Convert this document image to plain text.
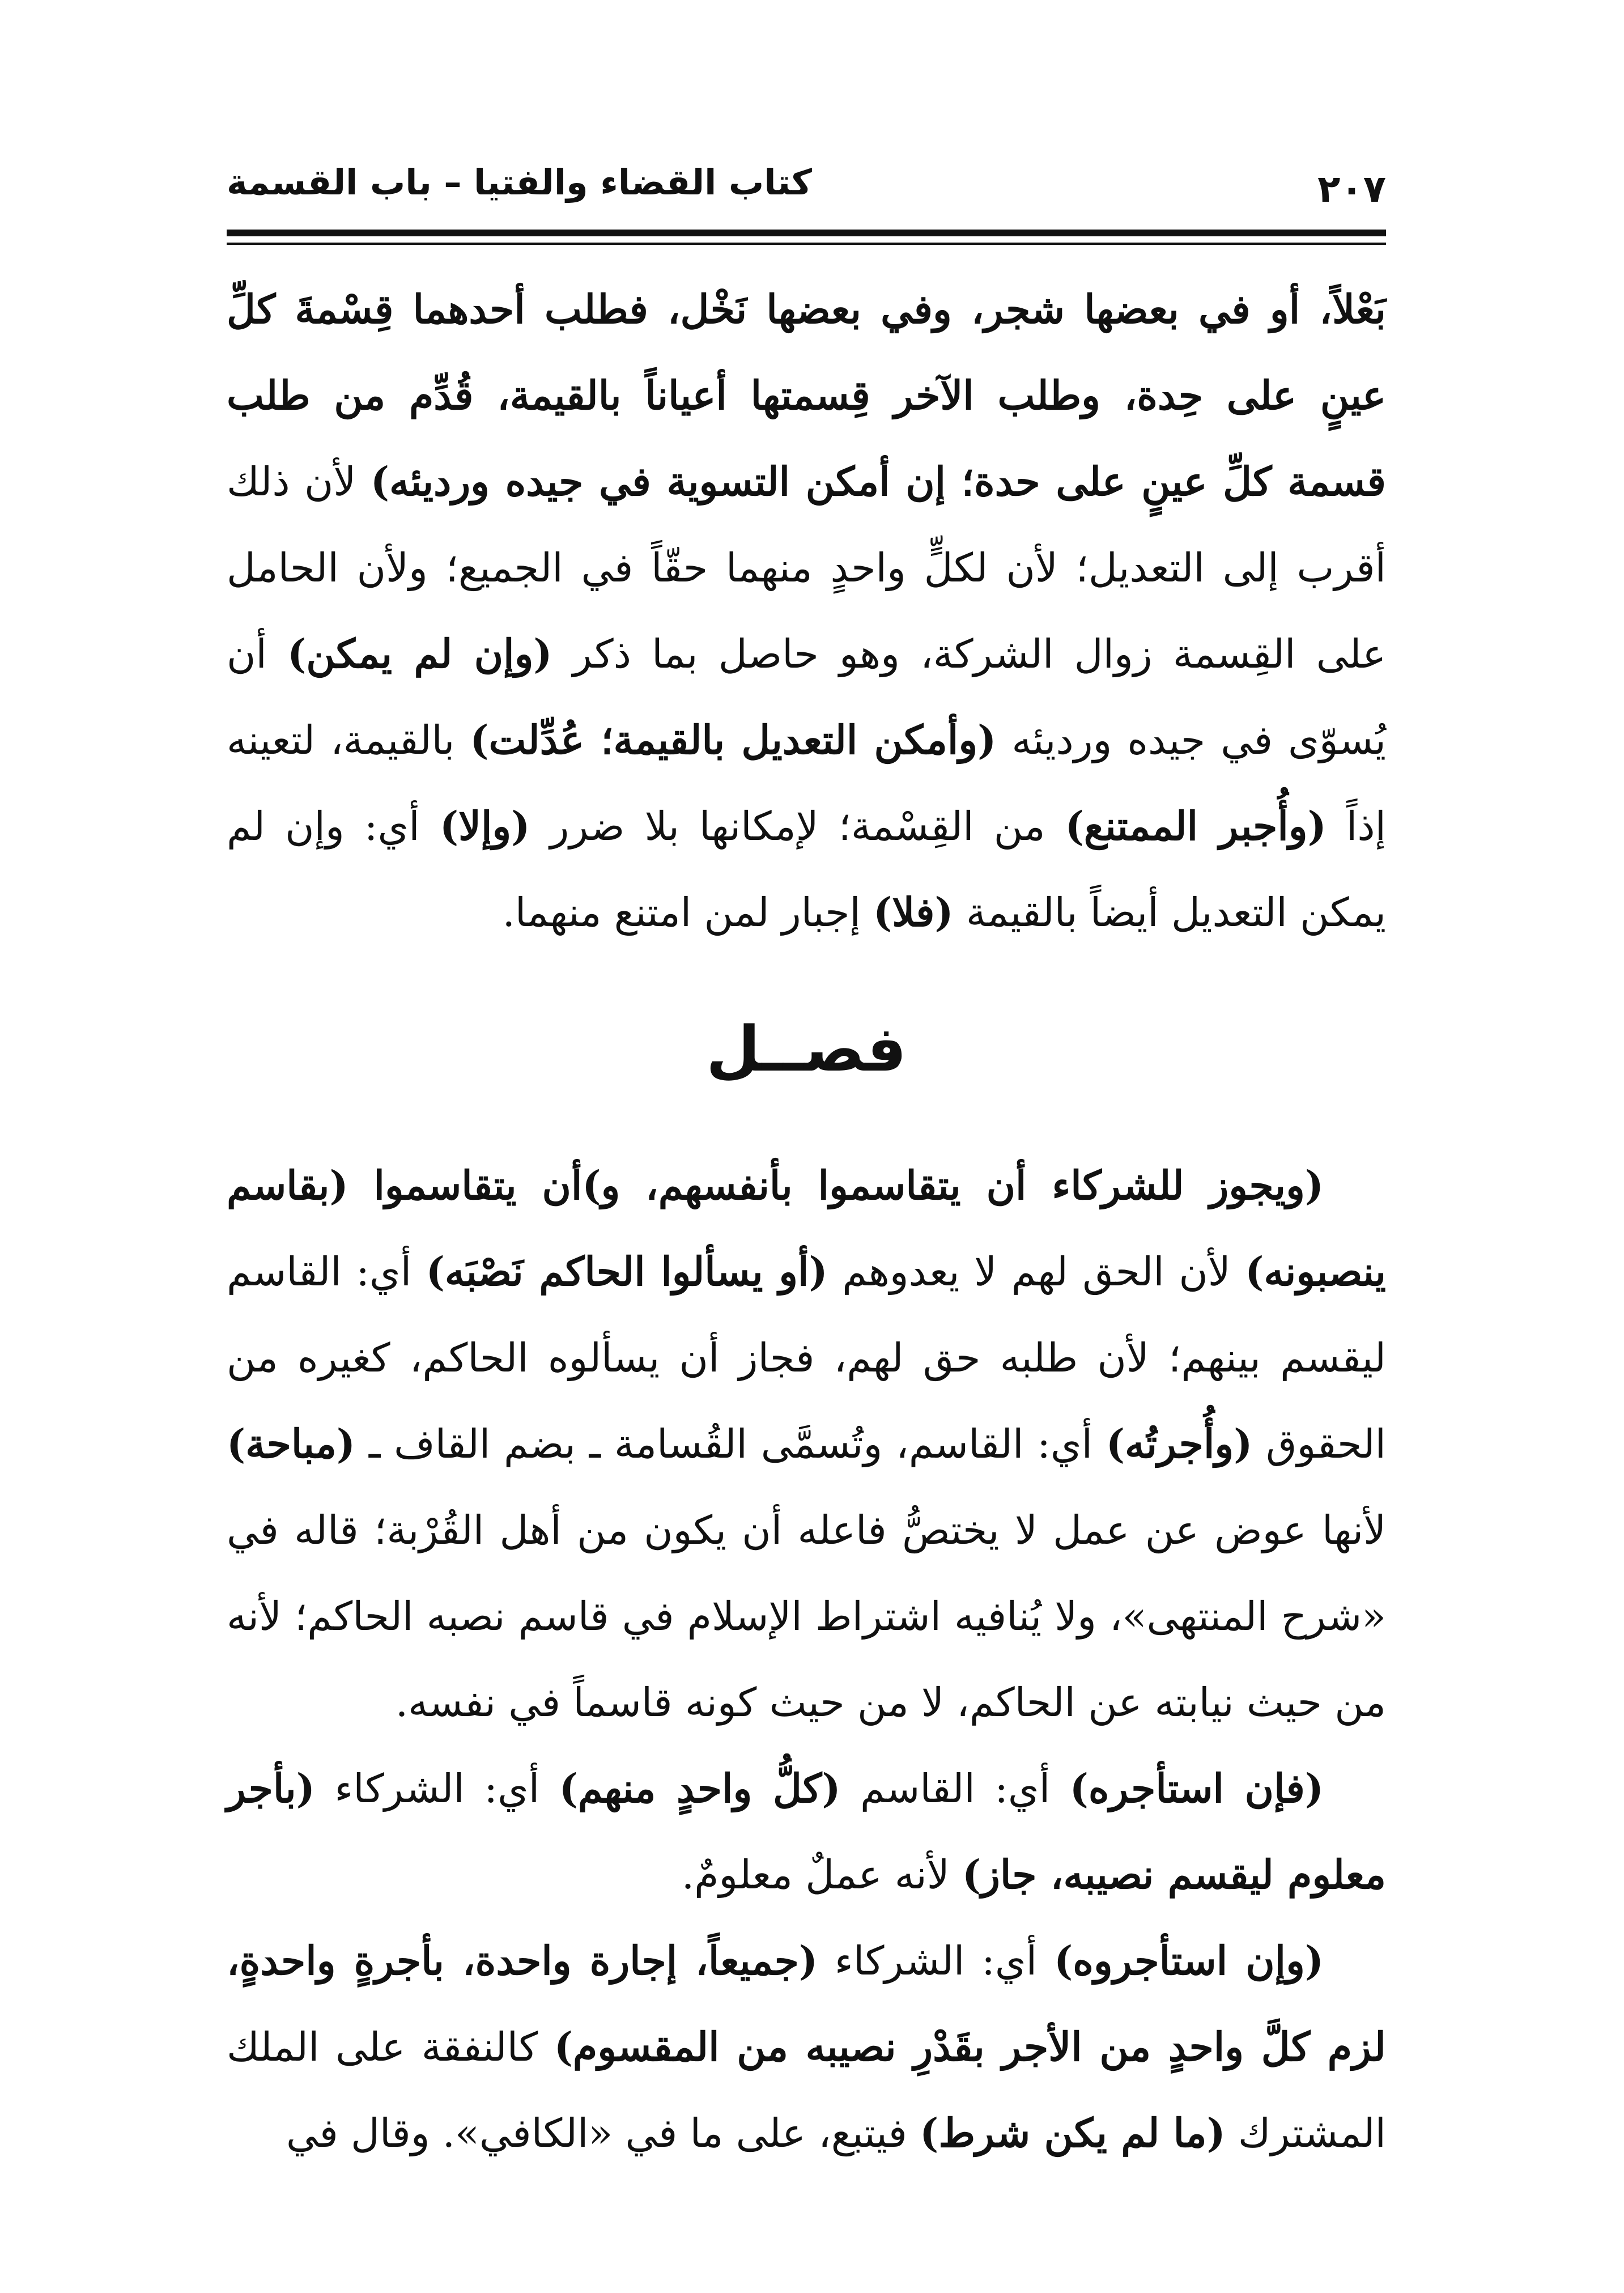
٢٠٧
كتاب القضاء والفتيا – باب القسمة

بَعْلاً، أو في بعضها شجر، وفي بعضها نَخْل، فطلب أحدهما قِسْمةَ كلِّ عينٍ على حِدة، وطلب الآخر قِسمتها أعياناً بالقيمة، قُدِّم من طلب قسمة كلِّ عينٍ على حدة؛ إن أمكن التسوية في جيده ورديئه) لأن ذلك أقرب إلى التعديل؛ لأن لكلٍّ واحدٍ منهما حقّاً في الجميع؛ ولأن الحامل على القِسمة زوال الشركة، وهو حاصل بما ذكر (وإن لم يمكن) أن يُسوّى في جيده ورديئه (وأمكن التعديل بالقيمة؛ عُدِّلت) بالقيمة، لتعينه إذاً (وأُجبر الممتنع) من القِسْمة؛ لإمكانها بلا ضرر (وإلا) أي: وإن لم يمكن التعديل أيضاً بالقيمة (فلا) إجبار لمن امتنع منهما.

فصــل

(ويجوز للشركاء أن يتقاسموا بأنفسهم، و)أن يتقاسموا (بقاسم ينصبونه) لأن الحق لهم لا يعدوهم (أو يسألوا الحاكم نَصْبَه) أي: القاسم ليقسم بينهم؛ لأن طلبه حق لهم، فجاز أن يسألوه الحاكم، كغيره من الحقوق (وأُجرتُه) أي: القاسم، وتُسمَّى القُسامة ـ بضم القاف ـ (مباحة) لأنها عوض عن عمل لا يختصُّ فاعله أن يكون من أهل القُرْبة؛ قاله في «شرح المنتهى»، ولا يُنافيه اشتراط الإسلام في قاسم نصبه الحاكم؛ لأنه من حيث نيابته عن الحاكم، لا من حيث كونه قاسماً في نفسه.

(فإن استأجره) أي: القاسم (كلُّ واحدٍ منهم) أي: الشركاء (بأجر معلوم ليقسم نصيبه، جاز) لأنه عملٌ معلومٌ.

(وإن استأجروه) أي: الشركاء (جميعاً، إجارة واحدة، بأجرةٍ واحدةٍ، لزم كلَّ واحدٍ من الأجر بقَدْرِ نصيبه من المقسوم) كالنفقة على الملك المشترك (ما لم يكن شرط) فيتبع، على ما في «الكافي». وقال في
